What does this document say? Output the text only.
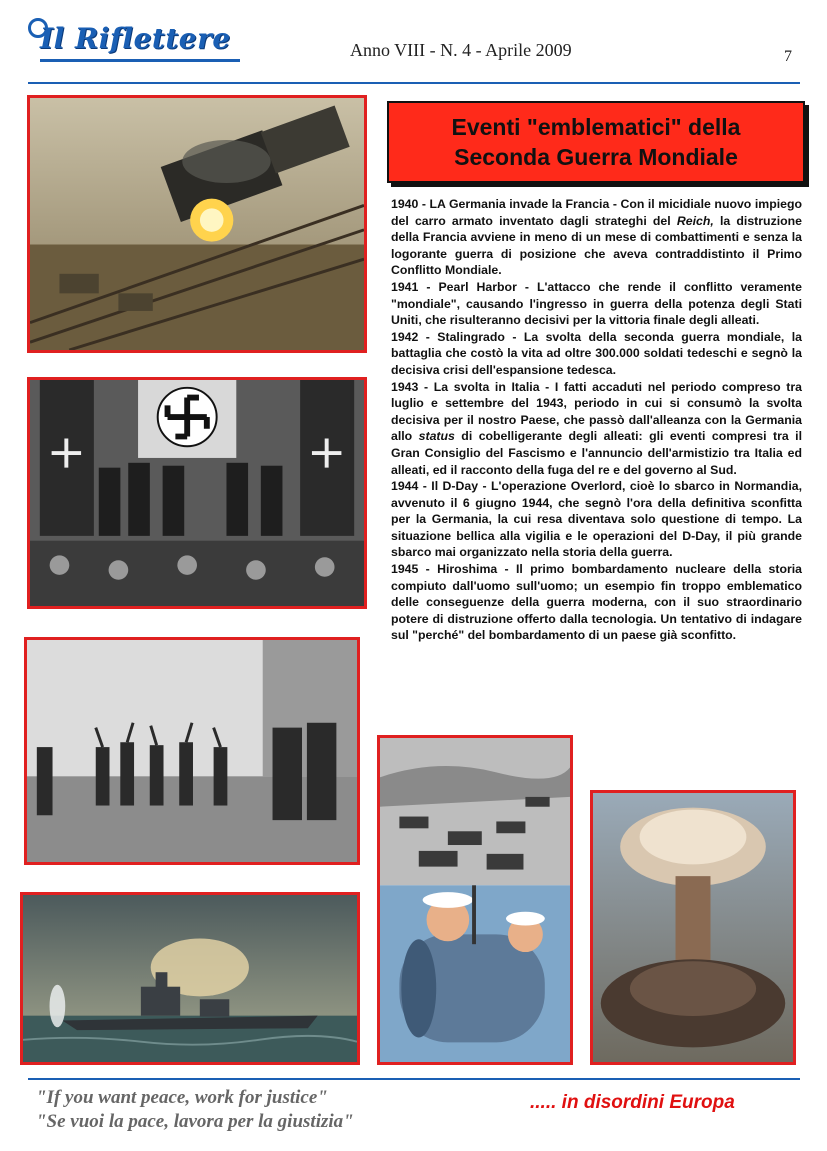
Il Riflettere	Anno VIII - N. 4 - Aprile 2009	7
Eventi "emblematici" della
Seconda Guerra Mondiale

1940 - LA Germania invade la Francia - Con il micidiale nuovo impiego del carro armato inventato dagli strateghi del Reich, la distruzione della Francia avviene in meno di un mese di combattimenti e senza la logorante guerra di posizione che aveva contraddistinto il Primo Conflitto Mondiale.

1941 - Pearl Harbor - L'attacco che rende il conflitto veramente "mondiale", causando l'ingresso in guerra della potenza degli Stati Uniti, che risulteranno decisivi per la vittoria finale degli alleati.

1942 - Stalingrado - La svolta della seconda guerra mondiale, la battaglia che costò la vita ad oltre 300.000 soldati tedeschi e segnò la decisiva crisi dell'espansione tedesca.

1943 - La svolta in Italia - I fatti accaduti nel periodo compreso tra luglio e settembre del 1943, periodo in cui si consumò la svolta decisiva per il nostro Paese, che passò dall'alleanza con la Germania allo status di cobelligerante degli alleati: gli eventi compresi tra il Gran Consiglio del Fascismo e l'annuncio dell'armistizio tra Italia ed alleati, ed il racconto della fuga del re e del governo al Sud.

1944 - Il D-Day - L'operazione Overlord, cioè lo sbarco in Normandia, avvenuto il 6 giugno 1944, che segnò l'ora della definitiva sconfitta per la Germania, la cui resa diventava solo questione di tempo. La situazione bellica alla vigilia e le operazioni del D-Day, il più grande sbarco mai organizzato nella storia della guerra.

1945 - Hiroshima - Il primo bombardamento nucleare della storia compiuto dall'uomo sull'uomo; un esempio fin troppo emblematico delle conseguenze della guerra moderna, con il suo straordinario potere di distruzione offerto dalla tecnologia. Un tentativo di indagare sul "perché" del bombardamento di un paese già sconfitto.

"If you want peace, work for justice"
"Se vuoi la pace, lavora per la giustizia"
..... in disordini Europa
